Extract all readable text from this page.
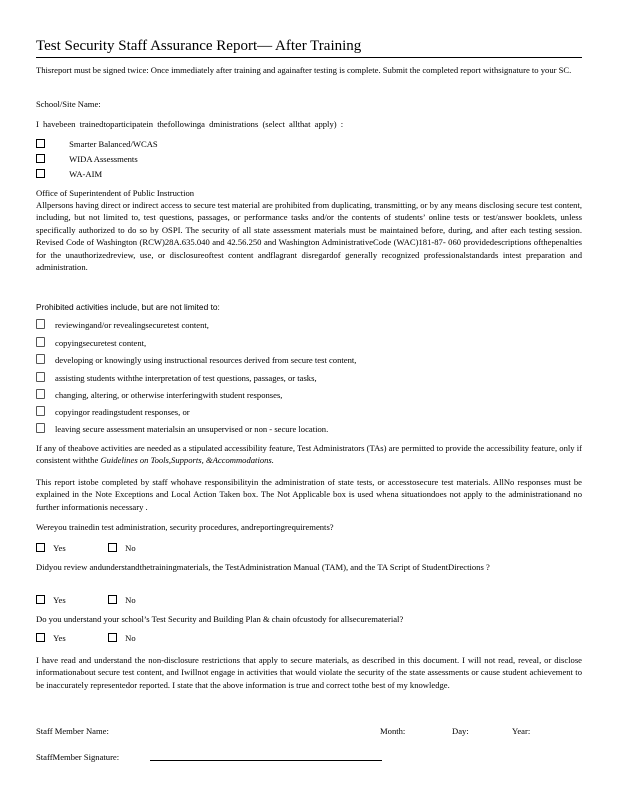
Test Security Staff Assurance Report— After Training
Thisreport must be signed twice: Once immediately after training and againafter testing is complete. Submit the completed report withsignature to your SC.
School/Site Name:
I havebeen trainedtoparticipatein thefollowinga dministrations (select allthat apply) :
Smarter Balanced/WCAS
WIDA Assessments
WA-AIM
Office of Superintendent of Public Instruction
Allpersons having direct or indirect access to secure test material are prohibited from duplicating, transmitting, or by any means disclosing secure test content, including, but not limited to, test questions, passages, or performance tasks and/or the contents of students’ online tests or test/answer booklets, unless specifically authorized to do so by OSPI. The security of all state assessment materials must be maintained before, during, and after each testing session. Revised Code of Washington (RCW)28A.635.040 and 42.56.250 and Washington AdministrativeCode (WAC)181-87- 060 providedescriptions ofthepenalties for the unauthorizedreview, use, or disclosureoftest content andflagrant disregardof generally recognized professionalstandards intest preparation and administration.
Prohibited activities include, but are not limited to:
reviewingand/or revealingsecuretest content,
copyingsecuretest content,
developing or knowingly using instructional resources derived from secure test content,
assisting students withthe interpretation of test questions, passages, or tasks,
changing, altering, or otherwise interferingwith student responses,
copyingor readingstudent responses, or
leaving secure assessment materialsin an unsupervised or non - secure location.
If any of theabove activities are needed as a stipulated accessibility feature, Test Administrators (TAs) are permitted to provide the accessibility feature, only if consistent withthe Guidelines on Tools,Supports, &Accommodations.
This report istobe completed by staff whohave responsibilityin the administration of state tests, or accesstosecure test materials. AllNo responses must be explained in the Note Exceptions and Local Action Taken box. The Not Applicable box is used whena situationdoes not apply to the administrationand no further informationis necessary .
Wereyou trainedin test administration, security procedures, andreportingrequirements?
Yes	No
Didyou review andunderstandthetrainingmaterials, the TestAdministration Manual (TAM), and the TA Script of StudentDirections ?
Yes	No
Do you understand your school’s Test Security and Building Plan & chain ofcustody for allsecurematerial?
Yes	No
I have read and understand the non-disclosure restrictions that apply to secure materials, as described in this document. I will not read, reveal, or disclose informationabout secure test content, and Iwillnot engage in activities that would violate the security of the state assessments or cause student achievement to be inaccurately representedor reported. I state that the above information is true and correct tothe best of my knowledge.
Staff Member Name:	Month:	Day:	Year:
StaffMember Signature:
